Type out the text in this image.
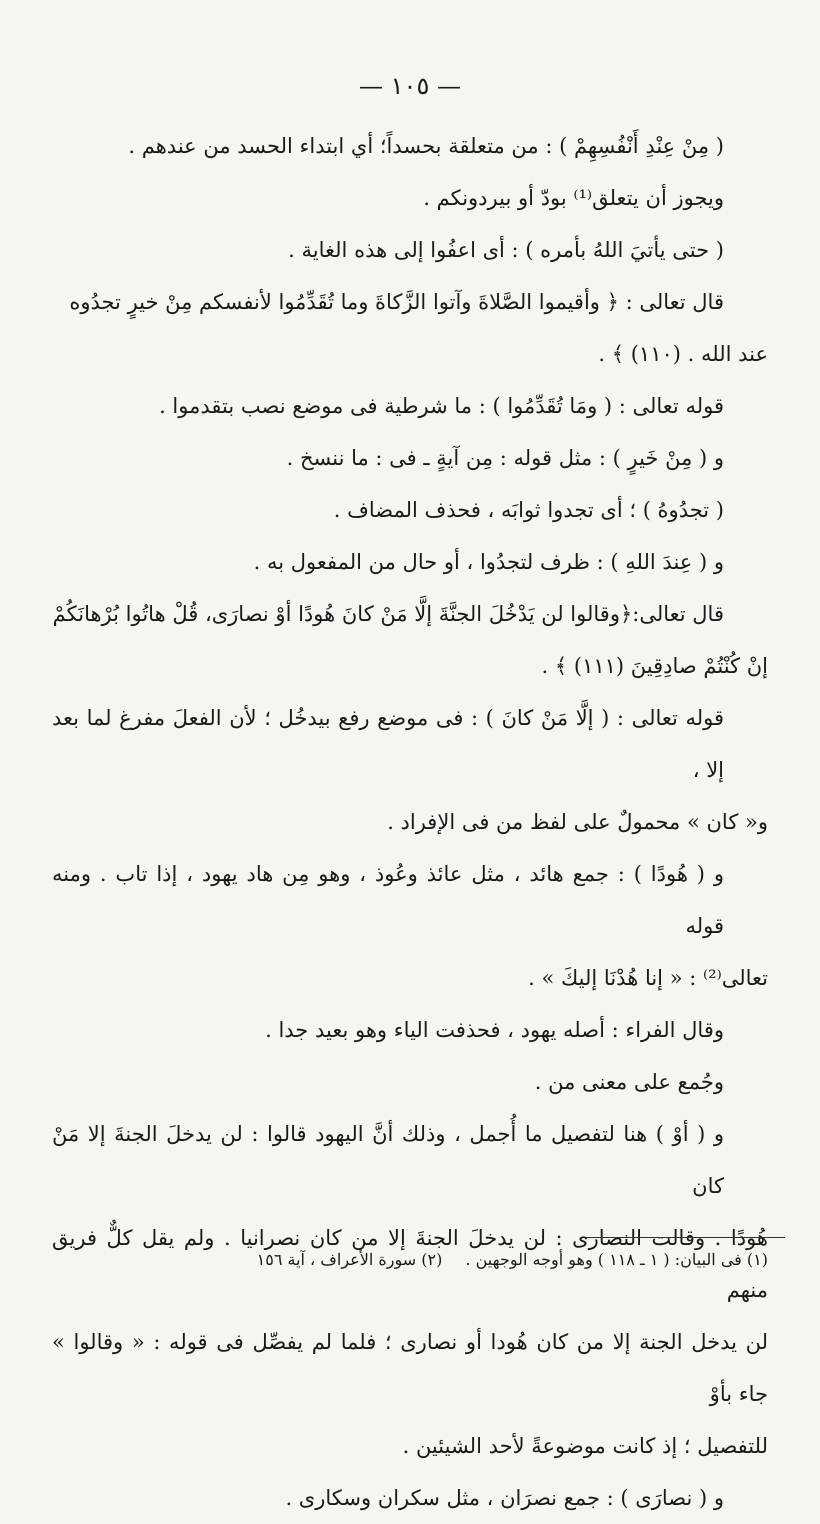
— ١٠٥ —

( مِنْ عِنْدِ أَنْفُسِهِمْ ) : من متعلقة بحسداً؛ أي ابتداء الحسد من عندهم .

ويجوز أن يتعلق⁽¹⁾ بودّ أو بيردونكم .

( حتى يأتيَ اللهُ بأمره ) : أى اعفُوا إلى هذه الغاية .

قال تعالى : ﴿ وأقيموا الصَّلاةَ وآتوا الزَّكاةَ وما تُقَدِّمُوا لأنفسكم مِنْ خيرٍ تجدُوه

عند الله . (١١٠) ﴾ .

قوله تعالى : ( ومَا تُقَدِّمُوا ) : ما شرطية فى موضع نصب بتقدموا .

و ( مِنْ خَيرٍ ) : مثل قوله : مِن آيةٍ ـ فى : ما ننسخ .

( تجدُوهُ ) ؛ أى تجدوا ثوابَه ، فحذف المضاف .

و ( عِندَ اللهِ ) : ظرف لتجدُوا ، أو حال من المفعول به .

قال تعالى:﴿وقالوا لن يَدْخُلَ الجنَّةَ إلَّا مَنْ كانَ هُودًا أوْ نصارَى، قُلْ هاتُوا بُرْهانَكُمْ

إنْ كُنْتُمْ صادِقِينَ (١١١) ﴾ .

قوله تعالى : ( إلَّا مَنْ كانَ ) : فى موضع رفع بيدخُل ؛ لأن الفعلَ مفرغ لما بعد إلا ،

و« كان » محمولٌ على لفظ من فى الإفراد .

و ( هُودًا ) : جمع هائد ، مثل عائذ وعُوذ ، وهو مِن هاد يهود ، إذا تاب . ومنه قوله

تعالى⁽²⁾ : « إنا هُدْنَا إليكَ » .

وقال الفراء : أصله يهود ، فحذفت الياء وهو بعيد جدا .

وجُمع على معنى من .

و ( أوْ ) هنا لتفصيل ما أُجمل ، وذلك أنَّ اليهود قالوا : لن يدخلَ الجنةَ إلا مَنْ كان

هُودًا . وقالت النصارى : لن يدخلَ الجنةَ إلا من كان نصرانيا . ولم يقل كلٌّ فريق منهم

لن يدخل الجنة إلا من كان هُودا أو نصارى ؛ فلما لم يفصِّل فى قوله : « وقالوا » جاء بأوْ

للتفصيل ؛ إذ كانت موضوعةً لأحد الشيئين .

و ( نصارَى ) : جمع نصرَان ، مثل سكران وسكارى .

(١) فى البيان: ( ١ ـ ١١٨ ) وهو أوجه الوجهين . (٢) سورة الأعراف ، آية ١٥٦
